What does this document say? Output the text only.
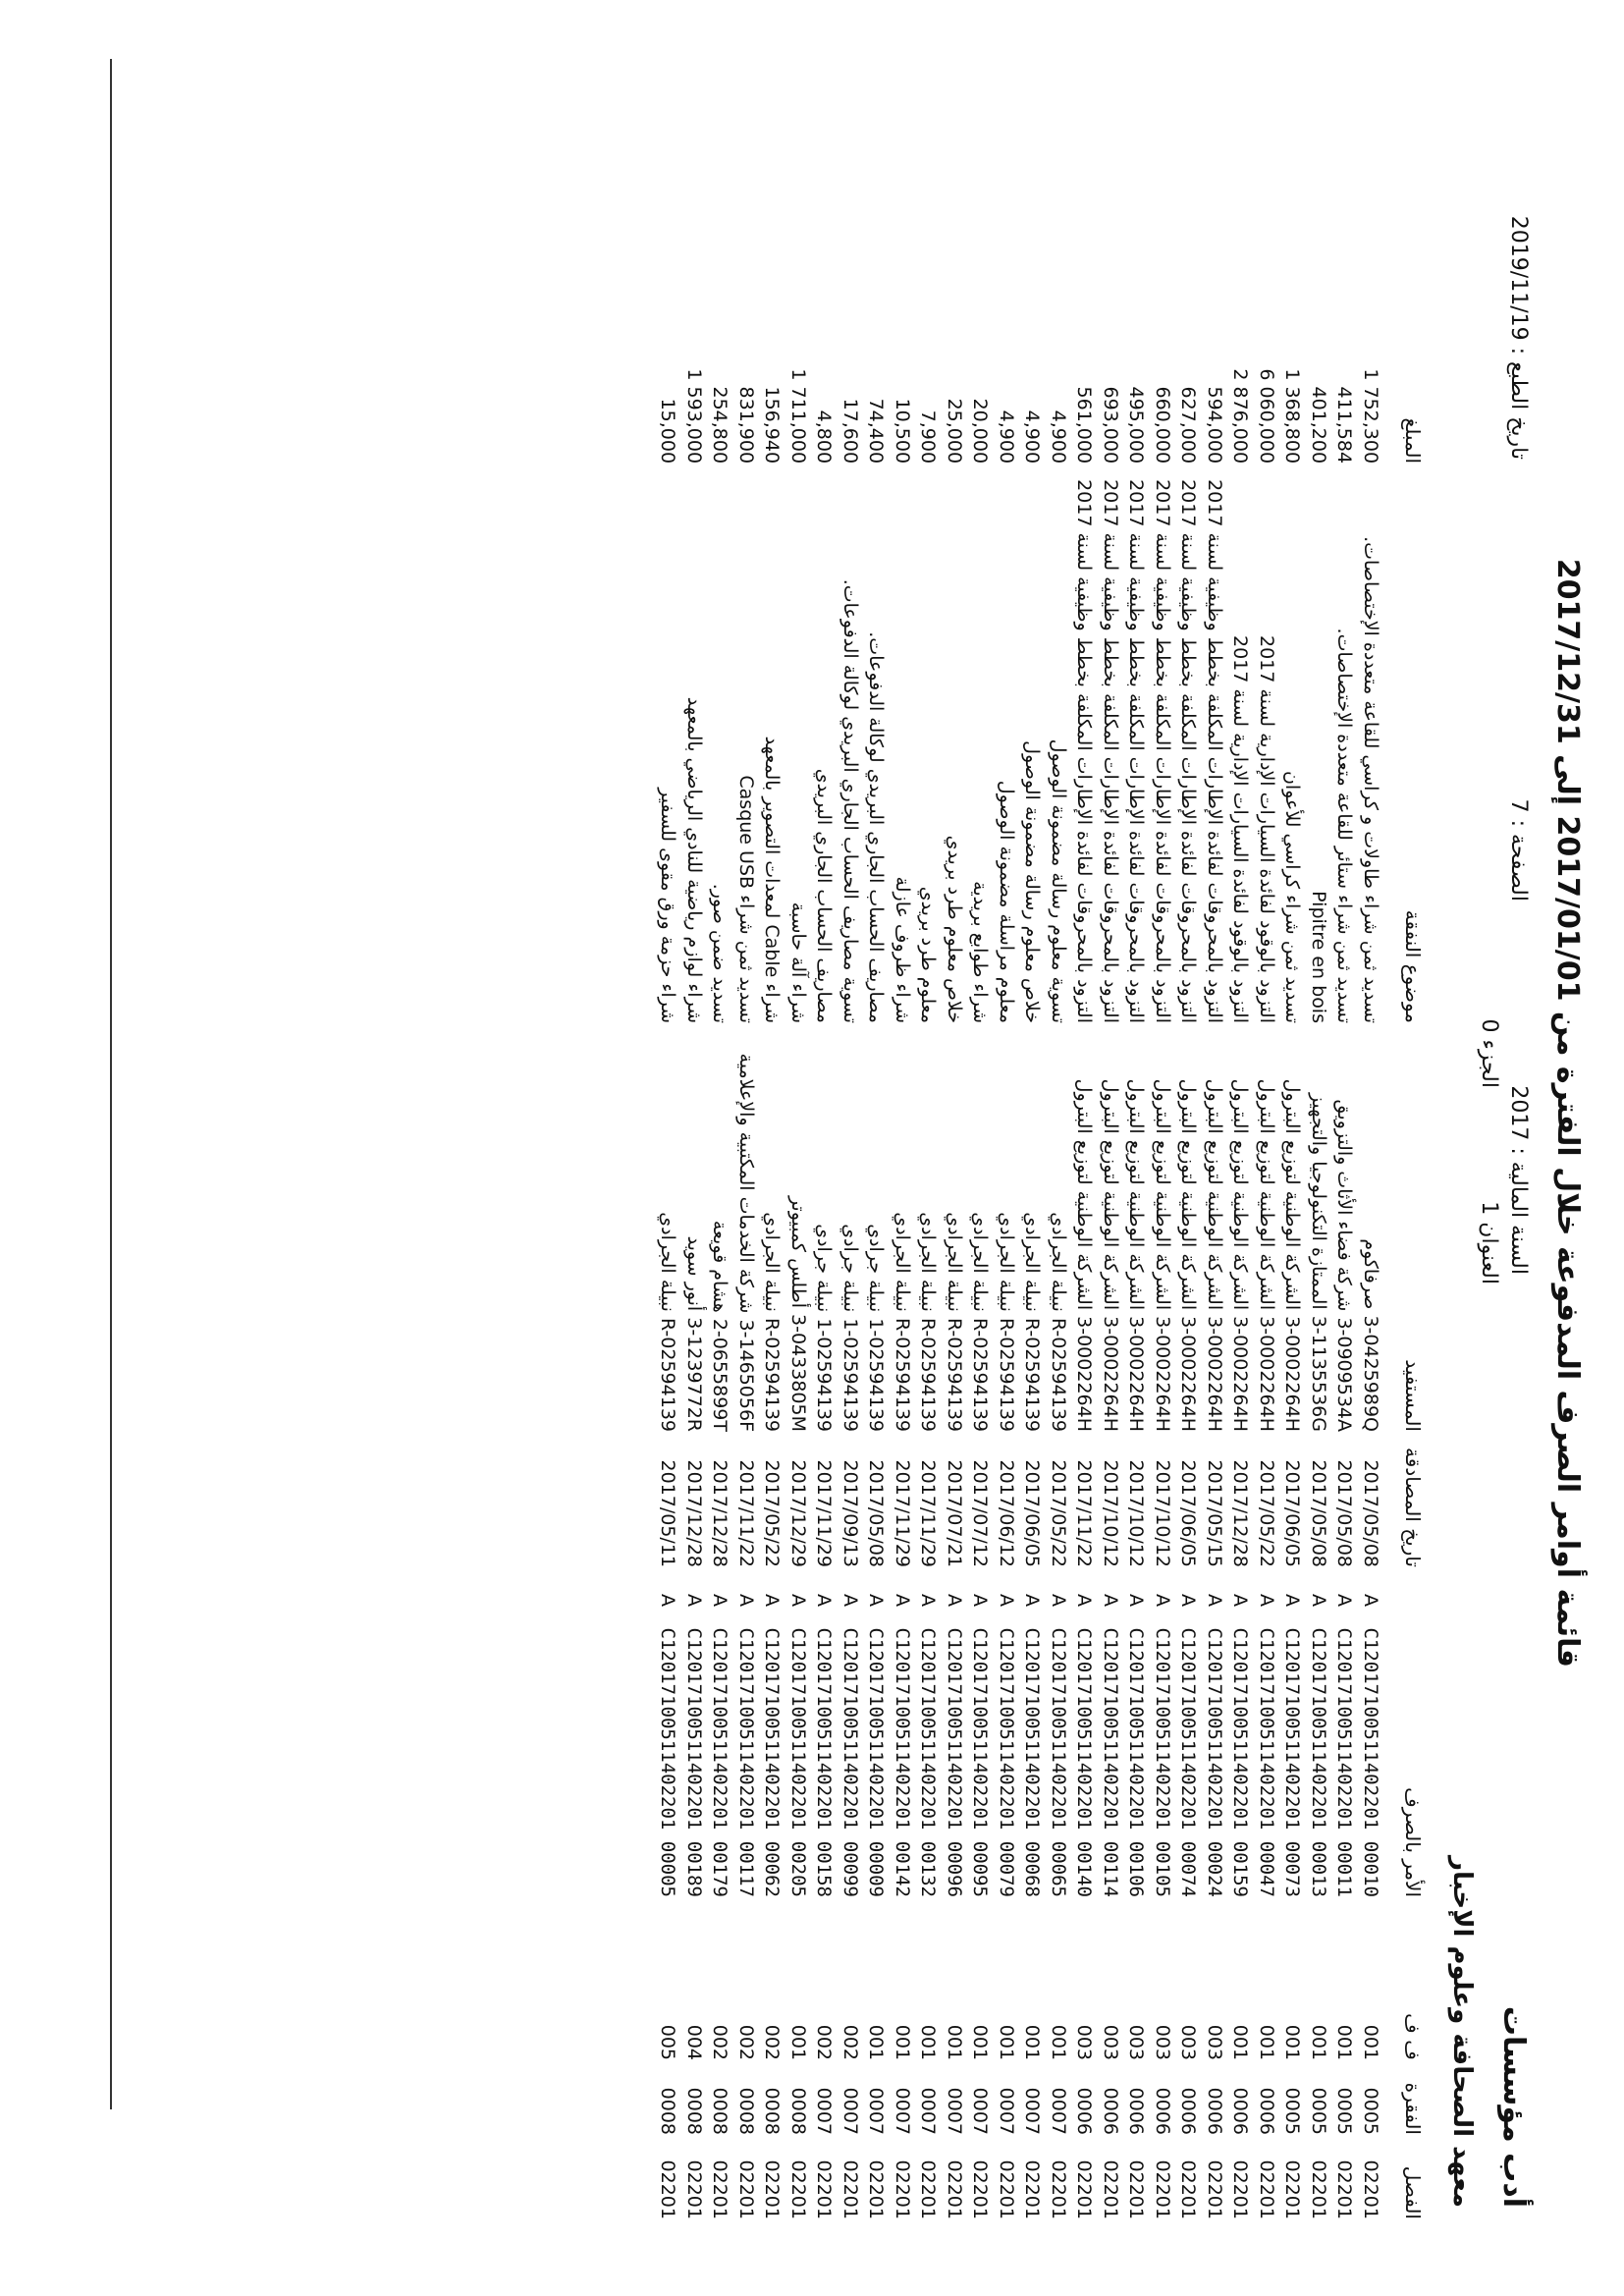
أدب مؤسسات
معهد الصحافة وعلوم الإخبار
قائمة أوامر الصرف المدفوعة خلال الفترة من 2017/01/01 إلى 2017/12/31
السنة المالية : 2017
الصفحة : 7
تاريخ الطبع : 2019/11/19
العنوان 1
الجزء 0
الفصل	الفقرة	ف ف	الأمر بالصرف		تاريخ المصادقة	المستفيد	موضوع النفقة	المبلغ
02201	0005	001	C12017100511402201 00010	A	2017/05/08	3-0425989Q صرفاكوم	تسديد ثمن شراء طاولات و كراسي للقاعة متعددة الإختصاصات.	1 752,300
02201	0005	001	C12017100511402201 00011	A	2017/05/08	3-0909534A شركة فضاء الأثاث والتزويق	تسديد ثمن شراء ستائر للقاعة متعددة الإختصاصات.	411,584
02201	0005	001	C12017100511402201 00013	A	2017/05/08	3-1135536G الممتازة التكنولوجيا والتجهيز	Pipitre en bois	401,200
02201	0005	001	C12017100511402201 00073	A	2017/06/05	3-0002264H الشركة الوطنية لتوزيع البترول	تسديد ثمن شراء كراسي للأعوان	1 368,800
02201	0006	001	C12017100511402201 00047	A	2017/05/22	3-0002264H الشركة الوطنية لتوزيع البترول	التزود بالوقود لفائدة السيارات الإدارية لسنة 2017	6 060,000
02201	0006	001	C12017100511402201 00159	A	2017/12/28	3-0002264H الشركة الوطنية لتوزيع البترول	التزود بالوقود لفائدة السيارات الإدارية لسنة 2017	2 876,000
02201	0006	003	C12017100511402201 00024	A	2017/05/15	3-0002264H الشركة الوطنية لتوزيع البترول	التزود بالمحروقات لفائدة الإطارات المكلفة بخطط وظيفية لسنة 2017	594,000
02201	0006	003	C12017100511402201 00074	A	2017/06/05	3-0002264H الشركة الوطنية لتوزيع البترول	التزود بالمحروقات لفائدة الإطارات المكلفة بخطط وظيفية لسنة 2017	627,000
02201	0006	003	C12017100511402201 00105	A	2017/10/12	3-0002264H الشركة الوطنية لتوزيع البترول	التزود بالمحروقات لفائدة الإطارات المكلفة بخطط وظيفية لسنة 2017	660,000
02201	0006	003	C12017100511402201 00106	A	2017/10/12	3-0002264H الشركة الوطنية لتوزيع البترول	التزود بالمحروقات لفائدة الإطارات المكلفة بخطط وظيفية لسنة 2017	495,000
02201	0006	003	C12017100511402201 00114	A	2017/10/12	3-0002264H الشركة الوطنية لتوزيع البترول	التزود بالمحروقات لفائدة الإطارات المكلفة بخطط وظيفية لسنة 2017	693,000
02201	0006	003	C12017100511402201 00140	A	2017/11/22	3-0002264H الشركة الوطنية لتوزيع البترول	التزود بالمحروقات لفائدة الإطارات المكلفة بخطط وظيفية لسنة 2017	561,000
02201	0007	001	C12017100511402201 00065	A	2017/05/22	R-02594139 نبيلة الجرادي	تسوية معلوم رسالة مضمونة الوصول	4,900
02201	0007	001	C12017100511402201 00068	A	2017/06/05	R-02594139 نبيلة الجرادي	خلاص معلوم رسالة مضمونة الوصول	4,900
02201	0007	001	C12017100511402201 00079	A	2017/06/12	R-02594139 نبيلة الجرادي	معلوم مراسلة مضمونة الوصول	4,900
02201	0007	001	C12017100511402201 00095	A	2017/07/12	R-02594139 نبيلة الجرادي	شراء طوابع بريدية	20,000
02201	0007	001	C12017100511402201 00096	A	2017/07/21	R-02594139 نبيلة الجرادي	خلاص معلوم طرد بريدي	25,000
02201	0007	001	C12017100511402201 00132	A	2017/11/29	R-02594139 نبيلة الجرادي	معلوم طرد بريدي	7,900
02201	0007	001	C12017100511402201 00142	A	2017/11/29	R-02594139 نبيلة الجرادي	شراء ظروف عازلة	10,500
02201	0007	001	C12017100511402201 00009	A	2017/05/08	1-02594139 نبيلة جرادي	مصاريف الحساب الجاري البريدي لوكالة الدفوعات.	74,400
02201	0007	002	C12017100511402201 00099	A	2017/09/13	1-02594139 نبيلة جرادي	تسوية مصاريف الحساب الجاري البريدي لوكالة الدفوعات.	17,600
02201	0007	002	C12017100511402201 00158	A	2017/11/29	1-02594139 نبيلة جرادي	مصاريف الحساب الجاري البريدي	4,800
02201	0008	001	C12017100511402201 00205	A	2017/12/29	3-0433805M أطلس كمبيوتر	شراء آلة حاسبة	1 711,000
02201	0008	002	C12017100511402201 00062	A	2017/05/22	R-02594139 نبيلة الجرادي	شراء Cable لمعدات التصوير بالمعهد	156,940
02201	0008	002	C12017100511402201 00117	A	2017/11/22	3-1465056F شركة الخدمات المكتبية والإعلامية	تسديد ثمن شراء Casque USB	831,900
02201	0008	002	C12017100511402201 00179	A	2017/12/28	2-0655899T هشام قويعة	تسديد ضمن صور.	254,800
02201	0008	004	C12017100511402201 00189	A	2017/12/28	3-1239772R أنور سويد	شراء لوازم رياضية للنادي الرياضي بالمعهد	1 593,000
02201	0008	005	C12017100511402201 00005	A	2017/05/11	R-02594139 نبيلة الجرادي	شراء حزمة ورق مقوى للسفير	15,000
